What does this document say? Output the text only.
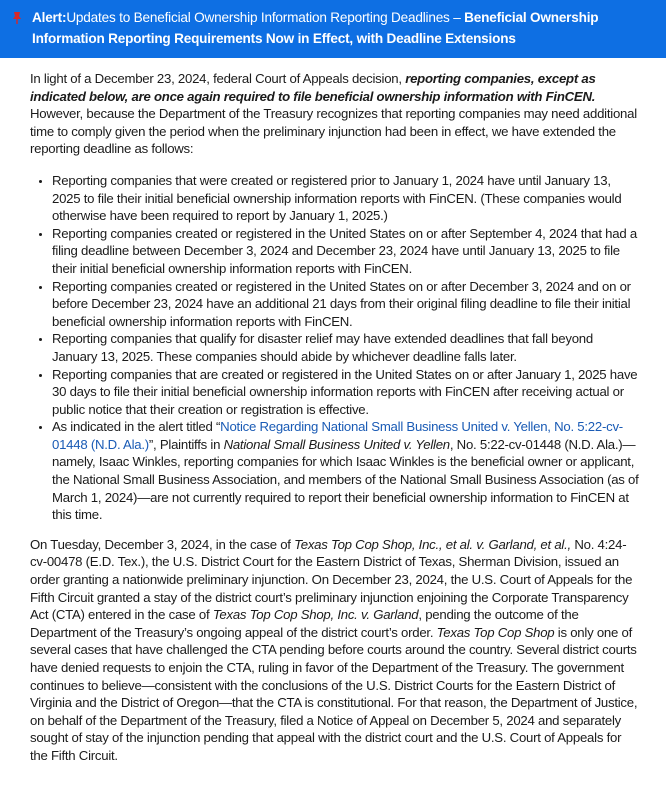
Alert:Updates to Beneficial Ownership Information Reporting Deadlines – Beneficial Ownership Information Reporting Requirements Now in Effect, with Deadline Extensions

In light of a December 23, 2024, federal Court of Appeals decision, reporting companies, except as indicated below, are once again required to file beneficial ownership information with FinCEN. However, because the Department of the Treasury recognizes that reporting companies may need additional time to comply given the period when the preliminary injunction had been in effect, we have extended the reporting deadline as follows:

• Reporting companies that were created or registered prior to January 1, 2024 have until January 13, 2025 to file their initial beneficial ownership information reports with FinCEN. (These companies would otherwise have been required to report by January 1, 2025.)
• Reporting companies created or registered in the United States on or after September 4, 2024 that had a filing deadline between December 3, 2024 and December 23, 2024 have until January 13, 2025 to file their initial beneficial ownership information reports with FinCEN.
• Reporting companies created or registered in the United States on or after December 3, 2024 and on or before December 23, 2024 have an additional 21 days from their original filing deadline to file their initial beneficial ownership information reports with FinCEN.
• Reporting companies that qualify for disaster relief may have extended deadlines that fall beyond January 13, 2025. These companies should abide by whichever deadline falls later.
• Reporting companies that are created or registered in the United States on or after January 1, 2025 have 30 days to file their initial beneficial ownership information reports with FinCEN after receiving actual or public notice that their creation or registration is effective.
• As indicated in the alert titled “Notice Regarding National Small Business United v. Yellen, No. 5:22-cv-01448 (N.D. Ala.)”, Plaintiffs in National Small Business United v. Yellen, No. 5:22-cv-01448 (N.D. Ala.)—namely, Isaac Winkles, reporting companies for which Isaac Winkles is the beneficial owner or applicant, the National Small Business Association, and members of the National Small Business Association (as of March 1, 2024)—are not currently required to report their beneficial ownership information to FinCEN at this time.

On Tuesday, December 3, 2024, in the case of Texas Top Cop Shop, Inc., et al. v. Garland, et al., No. 4:24-cv-00478 (E.D. Tex.), the U.S. District Court for the Eastern District of Texas, Sherman Division, issued an order granting a nationwide preliminary injunction. On December 23, 2024, the U.S. Court of Appeals for the Fifth Circuit granted a stay of the district court’s preliminary injunction enjoining the Corporate Transparency Act (CTA) entered in the case of Texas Top Cop Shop, Inc. v. Garland, pending the outcome of the Department of the Treasury’s ongoing appeal of the district court’s order. Texas Top Cop Shop is only one of several cases that have challenged the CTA pending before courts around the country. Several district courts have denied requests to enjoin the CTA, ruling in favor of the Department of the Treasury. The government continues to believe—consistent with the conclusions of the U.S. District Courts for the Eastern District of Virginia and the District of Oregon—that the CTA is constitutional. For that reason, the Department of Justice, on behalf of the Department of the Treasury, filed a Notice of Appeal on December 5, 2024 and separately sought of stay of the injunction pending that appeal with the district court and the U.S. Court of Appeals for the Fifth Circuit.
